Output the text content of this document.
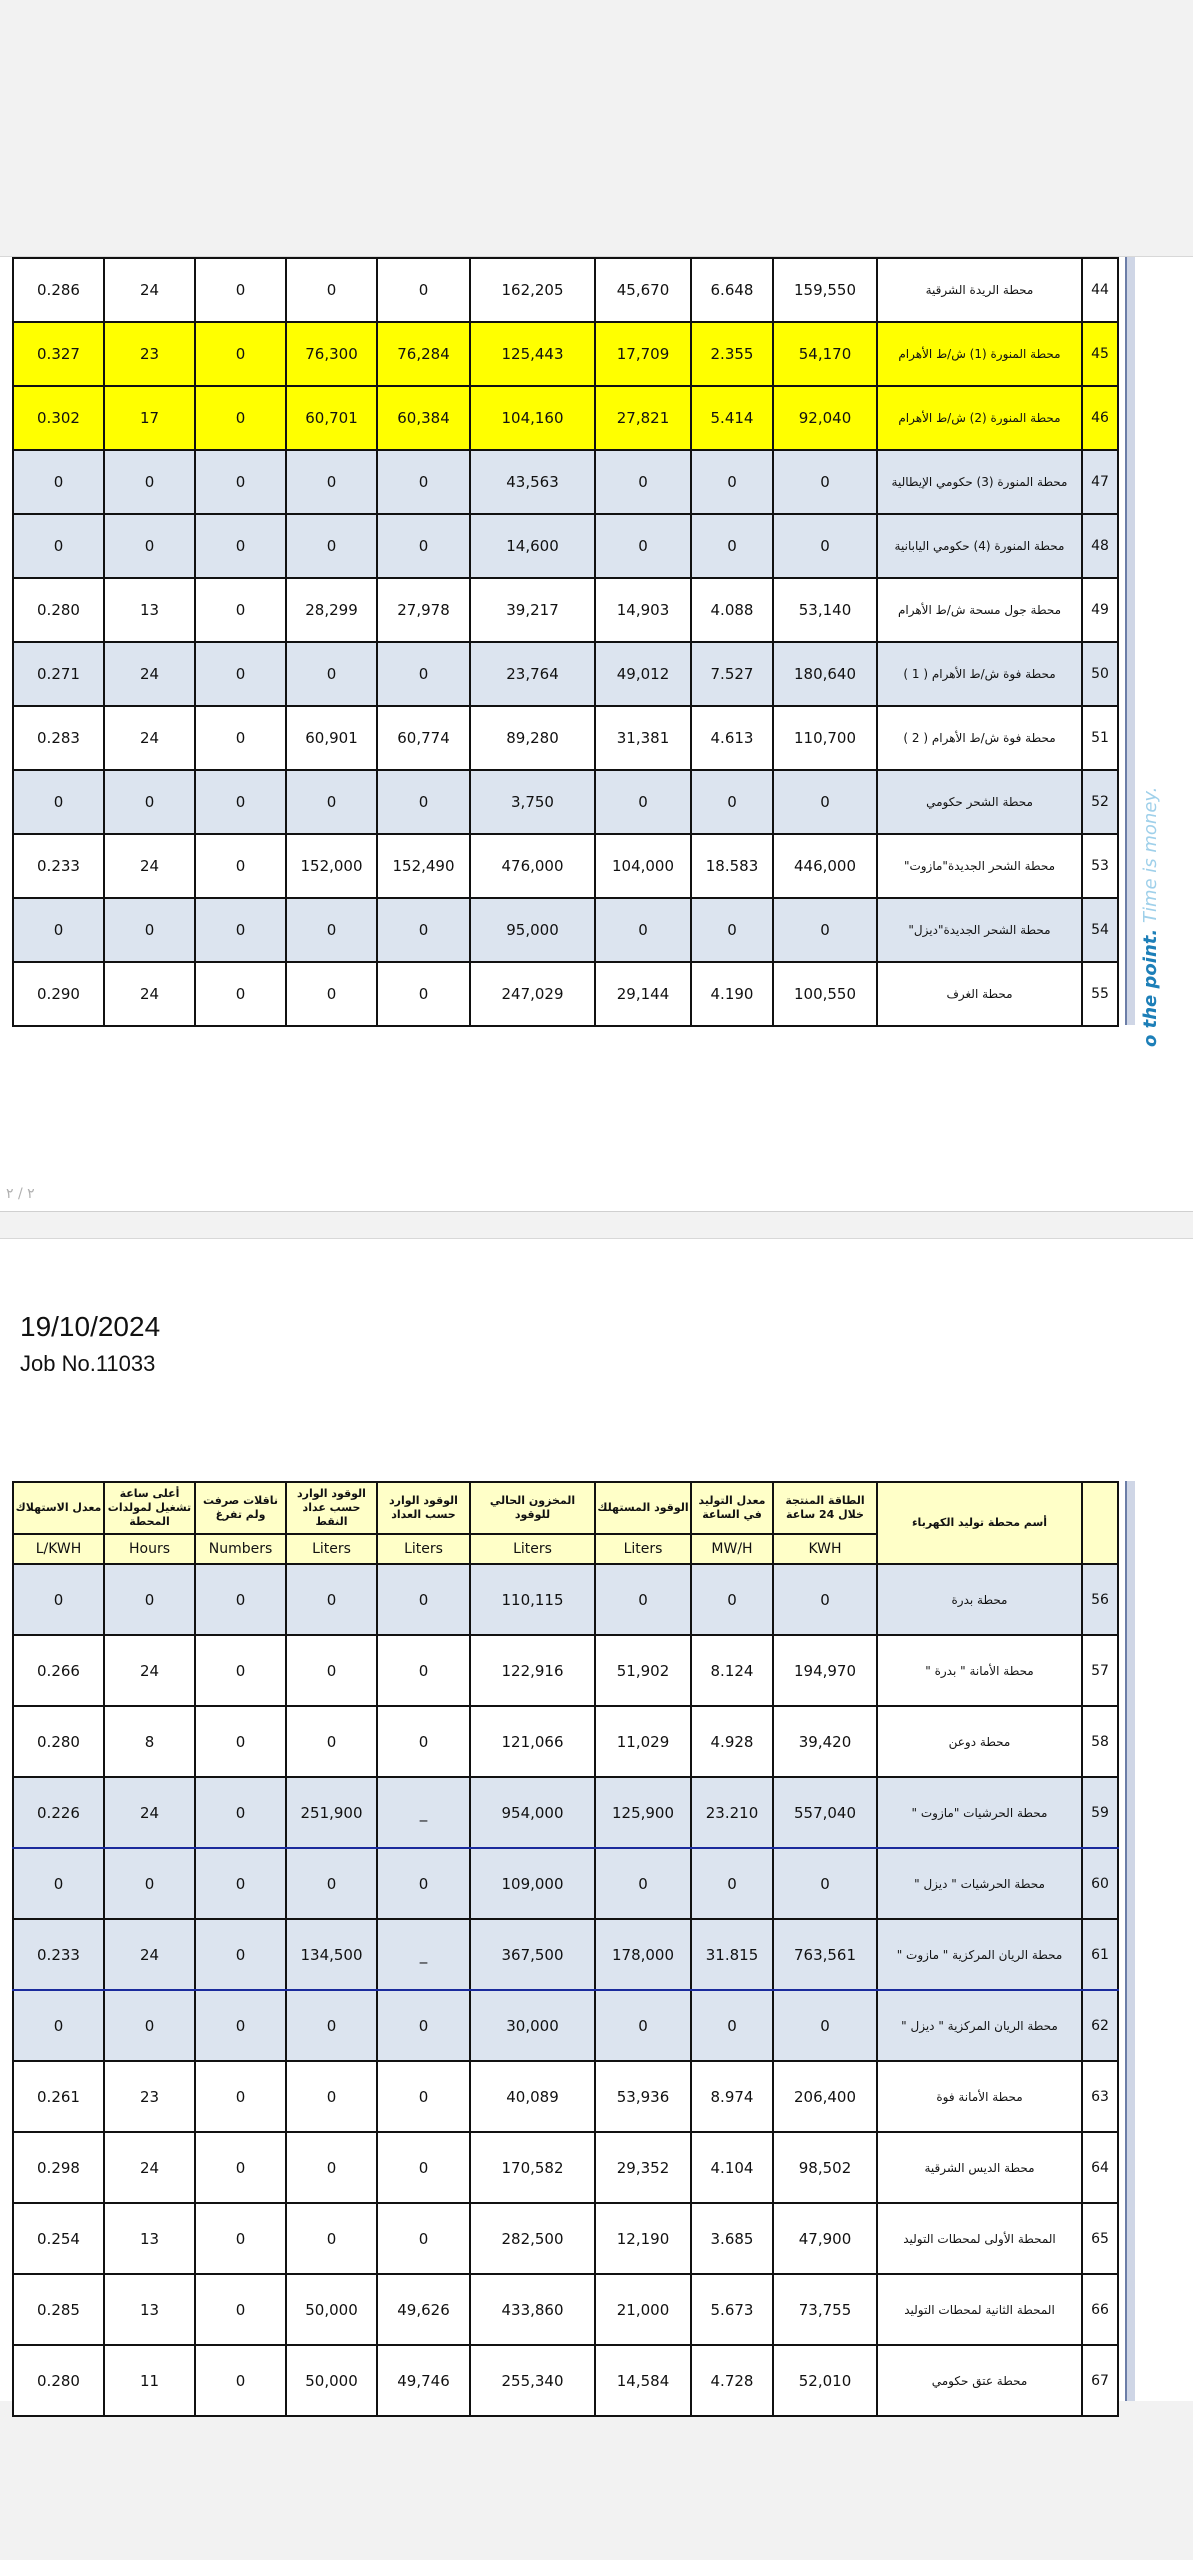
0.286	24	0	0	0	162,205	45,670	6.648	159,550	محطة الريدة الشرقية	44
0.327	23	0	76,300	76,284	125,443	17,709	2.355	54,170	محطة المنورة (1) ش/ط الأهرام	45
0.302	17	0	60,701	60,384	104,160	27,821	5.414	92,040	محطة المنورة (2) ش/ط الأهرام	46
0	0	0	0	0	43,563	0	0	0	محطة المنورة (3) حكومي الإيطالية	47
0	0	0	0	0	14,600	0	0	0	محطة المنورة (4) حكومي اليابانية	48
0.280	13	0	28,299	27,978	39,217	14,903	4.088	53,140	محطة جول مسحة ش/ط الأهرام	49
0.271	24	0	0	0	23,764	49,012	7.527	180,640	محطة فوة ش/ط الأهرام ( 1 )	50
0.283	24	0	60,901	60,774	89,280	31,381	4.613	110,700	محطة فوة ش/ط الأهرام ( 2 )	51
0	0	0	0	0	3,750	0	0	0	محطة الشحر حكومي	52
0.233	24	0	152,000	152,490	476,000	104,000	18.583	446,000	محطة الشحر الجديدة"مازوت"	53
0	0	0	0	0	95,000	0	0	0	محطة الشحر الجديدة"ديزل"	54
0.290	24	0	0	0	247,029	29,144	4.190	100,550	محطة الغرف	55 o the point. Time is money.
۲ / ۲
19/10/2024
Job No.11033
معدل الاستهلاك	أعلى ساعة تشغيل لمولدات المحطة	ناقلات صرفت ولم تفرغ	الوقود الوارد حسب عداد النقط	الوقود الوارد حسب العداد	المخزون الحالي للوقود	الوقود المستهلك	معدل التوليد في الساعة	الطاقة المنتجة خلال 24 ساعة	أسم محطة توليد الكهرباء	
L/KWH	Hours	Numbers	Liters	Liters	Liters	Liters	MW/H	KWH		
0	0	0	0	0	110,115	0	0	0	محطة بدرة	56
0.266	24	0	0	0	122,916	51,902	8.124	194,970	محطة الأمانة " بدرة "	57
0.280	8	0	0	0	121,066	11,029	4.928	39,420	محطة دوعن	58
0.226	24	0	251,900	_	954,000	125,900	23.210	557,040	محطة الحرشيات "مازوت "	59
0	0	0	0	0	109,000	0	0	0	محطة الحرشيات " ديزل "	60
0.233	24	0	134,500	_	367,500	178,000	31.815	763,561	محطة الريان المركزية " مازوت "	61
0	0	0	0	0	30,000	0	0	0	محطة الريان المركزية " ديزل "	62
0.261	23	0	0	0	40,089	53,936	8.974	206,400	محطة الأمانة فوة	63
0.298	24	0	0	0	170,582	29,352	4.104	98,502	محطة الديس الشرقية	64
0.254	13	0	0	0	282,500	12,190	3.685	47,900	المحطة الأولى لمحطات التوليد	65
0.285	13	0	50,000	49,626	433,860	21,000	5.673	73,755	المحطة الثانية لمحطات التوليد	66
0.280	11	0	50,000	49,746	255,340	14,584	4.728	52,010	محطة عتق حكومي	67
